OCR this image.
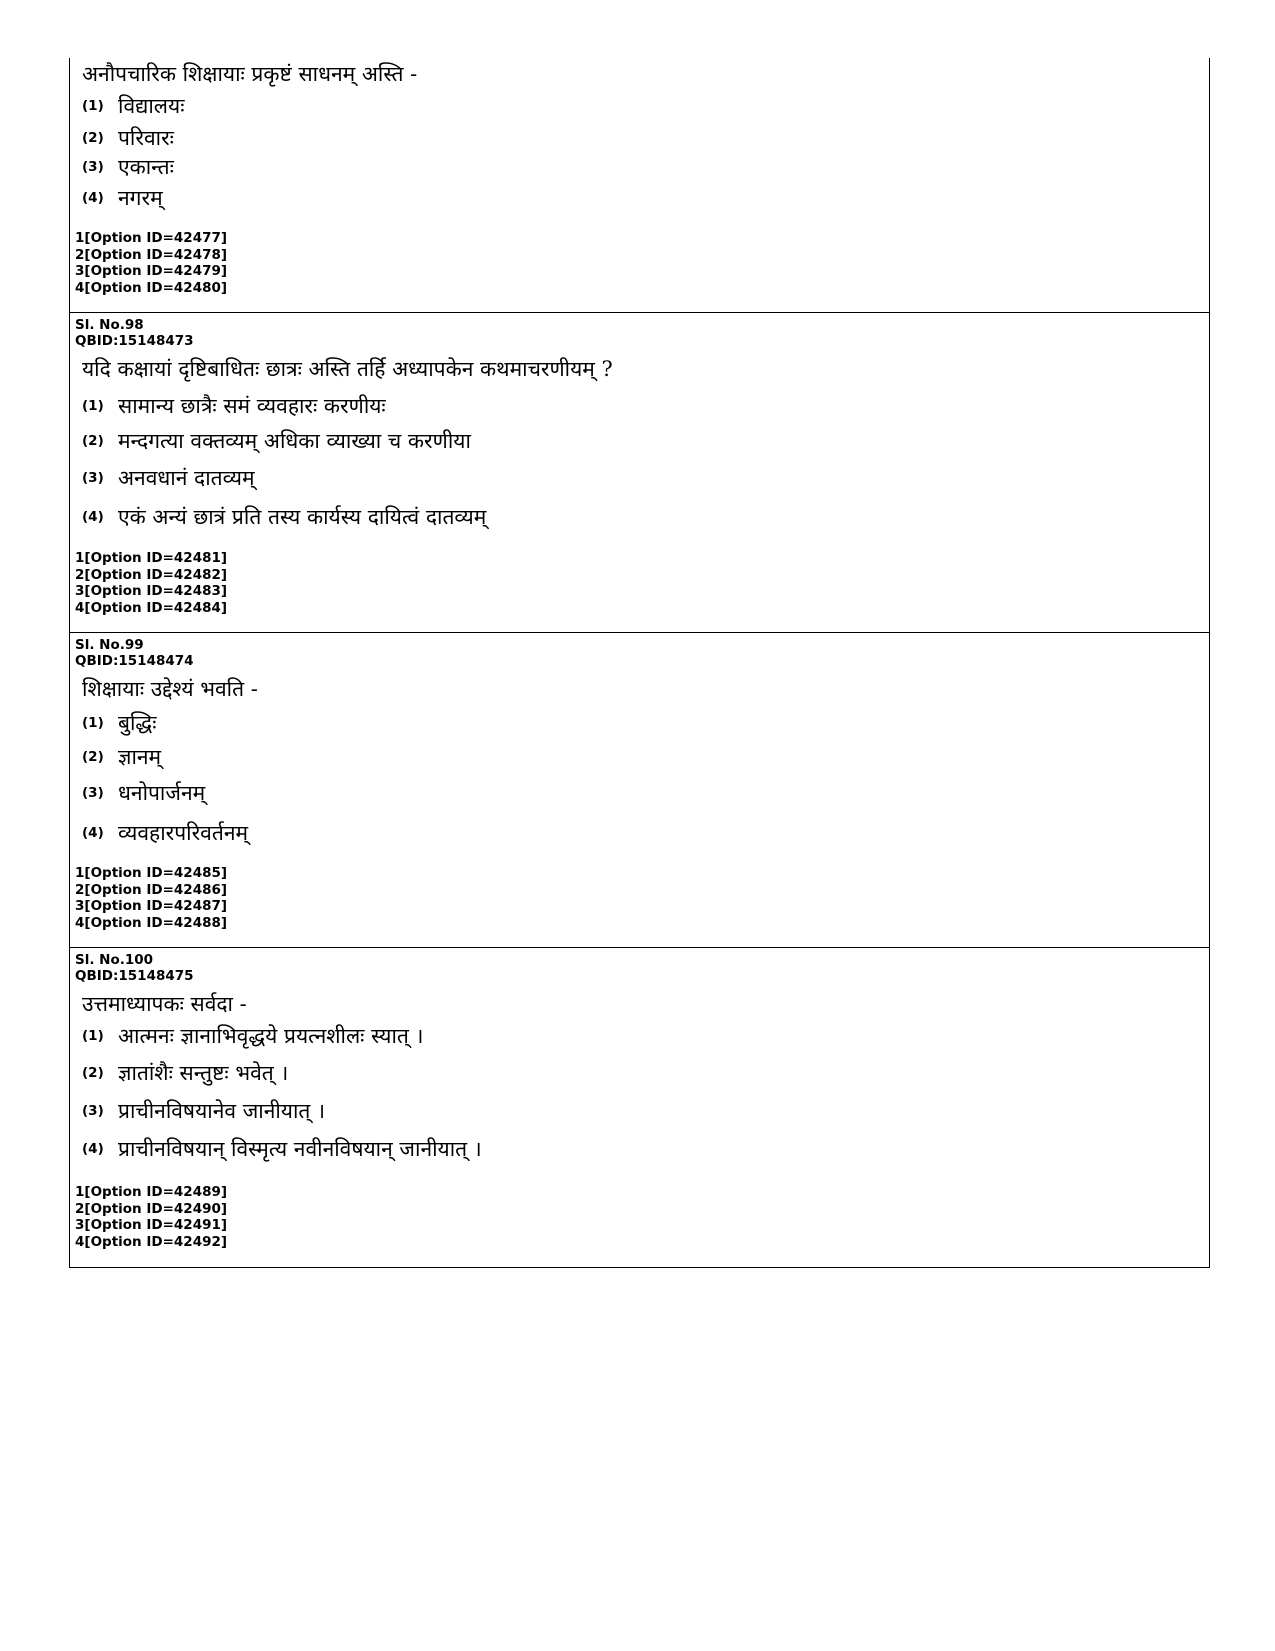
अनौपचारिक शिक्षायाः प्रकृष्टं साधनम् अस्ति -
(1) विद्यालयः
(2) परिवारः
(3) एकान्तः
(4) नगरम्
1[Option ID=42477]
2[Option ID=42478]
3[Option ID=42479]
4[Option ID=42480]
Sl. No.98
QBID:15148473
यदि कक्षायां दृष्टिबाधितः छात्रः अस्ति तर्हि अध्यापकेन कथमाचरणीयम् ?
(1) सामान्य छात्रैः समं व्यवहारः करणीयः
(2) मन्दगत्या वक्तव्यम् अधिका व्याख्या च करणीया
(3) अनवधानं दातव्यम्
(4) एकं अन्यं छात्रं प्रति तस्य कार्यस्य दायित्वं दातव्यम्
1[Option ID=42481]
2[Option ID=42482]
3[Option ID=42483]
4[Option ID=42484]
Sl. No.99
QBID:15148474
शिक्षायाः उद्देश्यं भवति -
(1) बुद्धिः
(2) ज्ञानम्
(3) धनोपार्जनम्
(4) व्यवहारपरिवर्तनम्
1[Option ID=42485]
2[Option ID=42486]
3[Option ID=42487]
4[Option ID=42488]
Sl. No.100
QBID:15148475
उत्तमाध्यापकः सर्वदा -
(1) आत्मनः ज्ञानाभिवृद्धये प्रयत्नशीलः स्यात् ।
(2) ज्ञातांशैः सन्तुष्टः भवेत् ।
(3) प्राचीनविषयानेव जानीयात् ।
(4) प्राचीनविषयान् विस्मृत्य नवीनविषयान् जानीयात् ।
1[Option ID=42489]
2[Option ID=42490]
3[Option ID=42491]
4[Option ID=42492]
